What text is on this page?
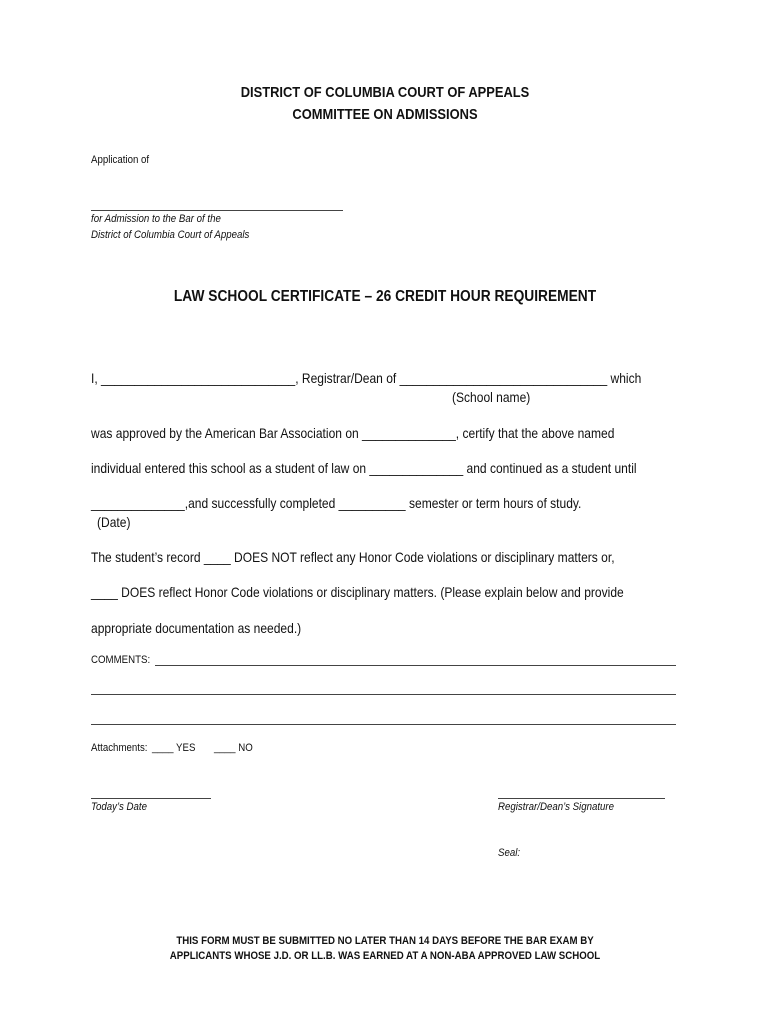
DISTRICT OF COLUMBIA COURT OF APPEALS
COMMITTEE ON ADMISSIONS
Application of
for Admission to the Bar of the
District of Columbia Court of Appeals
LAW SCHOOL CERTIFICATE – 26 CREDIT HOUR REQUIREMENT
I, _____________________________, Registrar/Dean of _______________________________ which
(School name)
was approved by the American Bar Association on ______________, certify that the above named
individual entered this school as a student of law on ______________ and continued as a student until
______________,and successfully completed __________ semester or term hours of study.
(Date)
The student’s record ____ DOES NOT reflect any Honor Code violations or disciplinary matters or,
____ DOES reflect Honor Code violations or disciplinary matters. (Please explain below and provide
appropriate documentation as needed.)
COMMENTS:
Attachments: ____ YES ____ NO
Today’s Date	Registrar/Dean’s Signature
Seal:
THIS FORM MUST BE SUBMITTED NO LATER THAN 14 DAYS BEFORE THE BAR EXAM BY
APPLICANTS WHOSE J.D. OR LL.B. WAS EARNED AT A NON-ABA APPROVED LAW SCHOOL
